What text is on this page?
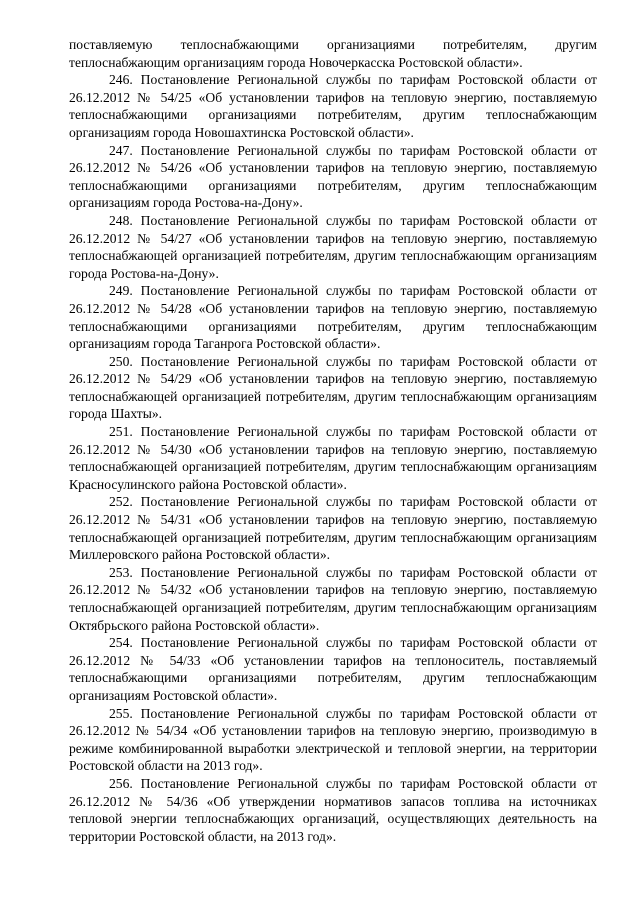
поставляемую теплоснабжающими организациями потребителям, другим теплоснабжающим организациям города Новочеркасска Ростовской области».

246. Постановление Региональной службы по тарифам Ростовской области от 26.12.2012 № 54/25 «Об установлении тарифов на тепловую энергию, поставляемую теплоснабжающими организациями потребителям, другим теплоснабжающим организациям города Новошахтинска Ростовской области».

247. Постановление Региональной службы по тарифам Ростовской области от 26.12.2012 № 54/26 «Об установлении тарифов на тепловую энергию, поставляемую теплоснабжающими организациями потребителям, другим теплоснабжающим организациям города Ростова-на-Дону».

248. Постановление Региональной службы по тарифам Ростовской области от 26.12.2012 № 54/27 «Об установлении тарифов на тепловую энергию, поставляемую теплоснабжающей организацией потребителям, другим теплоснабжающим организациям города Ростова-на-Дону».

249. Постановление Региональной службы по тарифам Ростовской области от 26.12.2012 № 54/28 «Об установлении тарифов на тепловую энергию, поставляемую теплоснабжающими организациями потребителям, другим теплоснабжающим организациям города Таганрога Ростовской области».

250. Постановление Региональной службы по тарифам Ростовской области от 26.12.2012 № 54/29 «Об установлении тарифов на тепловую энергию, поставляемую теплоснабжающей организацией потребителям, другим теплоснабжающим организациям города Шахты».

251. Постановление Региональной службы по тарифам Ростовской области от 26.12.2012 № 54/30 «Об установлении тарифов на тепловую энергию, поставляемую теплоснабжающей организацией потребителям, другим теплоснабжающим организациям Красносулинского района Ростовской области».

252. Постановление Региональной службы по тарифам Ростовской области от 26.12.2012 № 54/31 «Об установлении тарифов на тепловую энергию, поставляемую теплоснабжающей организацией потребителям, другим теплоснабжающим организациям Миллеровского района Ростовской области».

253. Постановление Региональной службы по тарифам Ростовской области от 26.12.2012 № 54/32 «Об установлении тарифов на тепловую энергию, поставляемую теплоснабжающей организацией потребителям, другим теплоснабжающим организациям Октябрьского района Ростовской области».

254. Постановление Региональной службы по тарифам Ростовской области от 26.12.2012 № 54/33 «Об установлении тарифов на теплоноситель, поставляемый теплоснабжающими организациями потребителям, другим теплоснабжающим организациям Ростовской области».

255. Постановление Региональной службы по тарифам Ростовской области от 26.12.2012 № 54/34 «Об установлении тарифов на тепловую энергию, производимую в режиме комбинированной выработки электрической и тепловой энергии, на территории Ростовской области на 2013 год».

256. Постановление Региональной службы по тарифам Ростовской области от 26.12.2012 № 54/36 «Об утверждении нормативов запасов топлива на источниках тепловой энергии теплоснабжающих организаций, осуществляющих деятельность на территории Ростовской области, на 2013 год».
